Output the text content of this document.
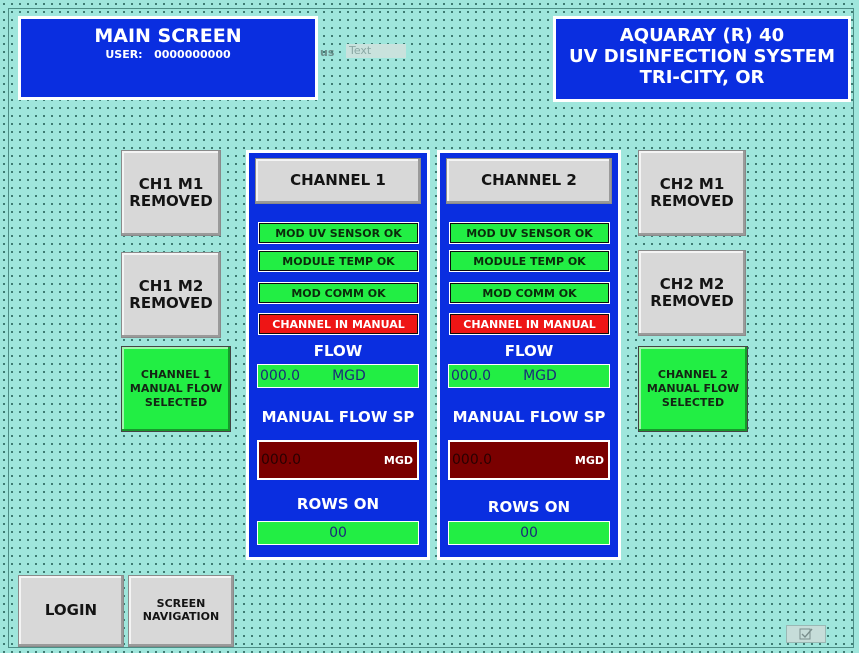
us Text
MAIN SCREEN
USER: 0000000000
AQUARAY (R) 40
UV DISINFECTION SYSTEM
TRI-CITY, OR
CH1 M1
REMOVED
CH1 M2
REMOVED
CHANNEL 1
MANUAL FLOW
SELECTED
CH2 M1
REMOVED
CH2 M2
REMOVED
CHANNEL 2
MANUAL FLOW
SELECTED
CHANNEL 1
MOD UV SENSOR OK
MODULE TEMP OK
MOD COMM OK
CHANNEL IN MANUAL
FLOW
000.0 MGD
MANUAL FLOW SP
000.0	MGD
ROWS ON
00
CHANNEL 2
MOD UV SENSOR OK
MODULE TEMP OK
MOD COMM OK
CHANNEL IN MANUAL
FLOW
000.0 MGD
MANUAL FLOW SP
000.0	MGD
ROWS ON
00
LOGIN	SCREEN
NAVIGATION
